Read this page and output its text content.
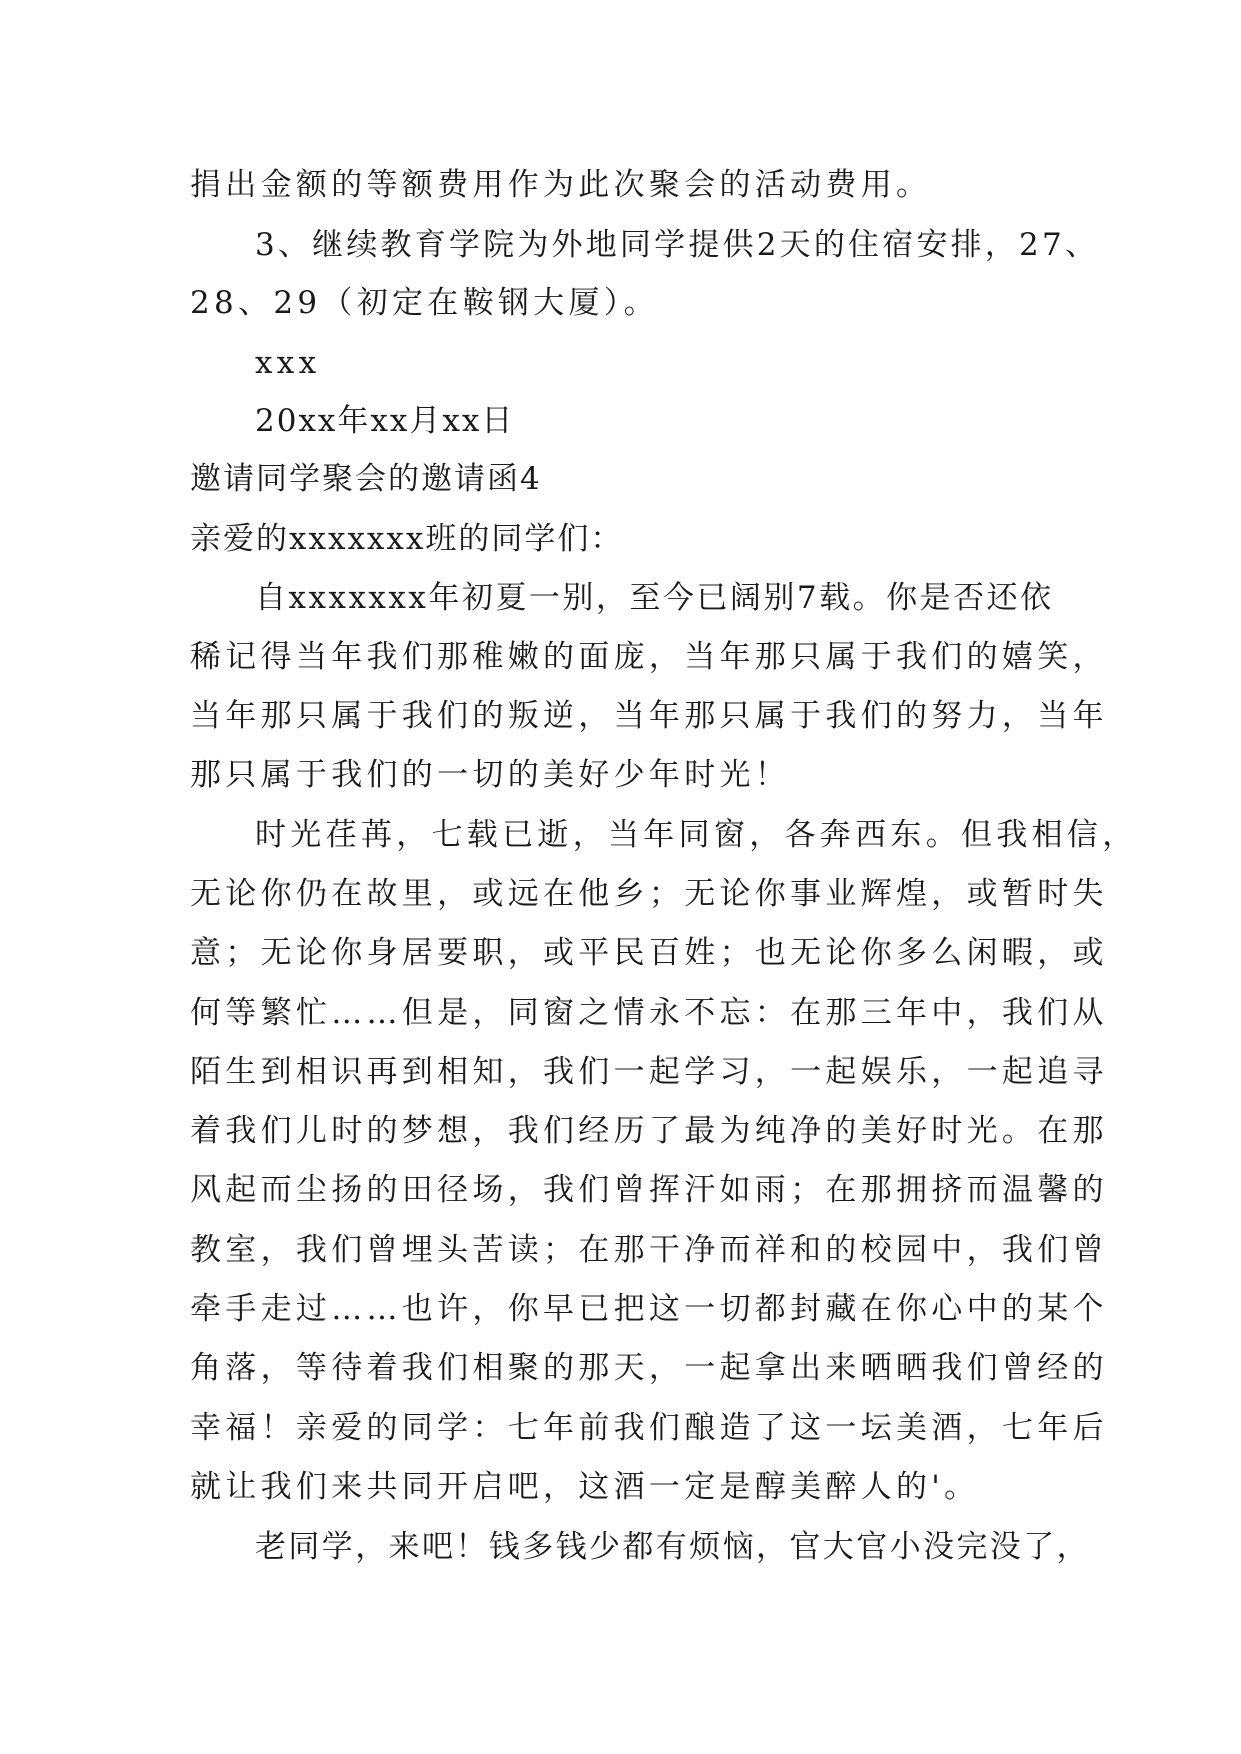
捐出金额的等额费用作为此次聚会的活动费用。
3、继续教育学院为外地同学提供2天的住宿安排，27、
28、29（初定在鞍钢大厦）。
xxx
20xx年xx月xx日
邀请同学聚会的邀请函4
亲爱的xxxxxxx班的同学们：
自xxxxxxx年初夏一别，至今已阔别7载。你是否还依
稀记得当年我们那稚嫩的面庞，当年那只属于我们的嬉笑，
当年那只属于我们的叛逆，当年那只属于我们的努力，当年
那只属于我们的一切的美好少年时光！
时光荏苒，七载已逝，当年同窗，各奔西东。但我相信，
无论你仍在故里，或远在他乡；无论你事业辉煌，或暂时失
意；无论你身居要职，或平民百姓；也无论你多么闲暇，或
何等繁忙……但是，同窗之情永不忘：在那三年中，我们从
陌生到相识再到相知，我们一起学习，一起娱乐，一起追寻
着我们儿时的梦想，我们经历了最为纯净的美好时光。在那
风起而尘扬的田径场，我们曾挥汗如雨；在那拥挤而温馨的
教室，我们曾埋头苦读；在那干净而祥和的校园中，我们曾
牵手走过……也许，你早已把这一切都封藏在你心中的某个
角落，等待着我们相聚的那天，一起拿出来晒晒我们曾经的
幸福！亲爱的同学：七年前我们酿造了这一坛美酒，七年后
就让我们来共同开启吧，这酒一定是醇美醉人的'。
老同学，来吧！钱多钱少都有烦恼，官大官小没完没了，
